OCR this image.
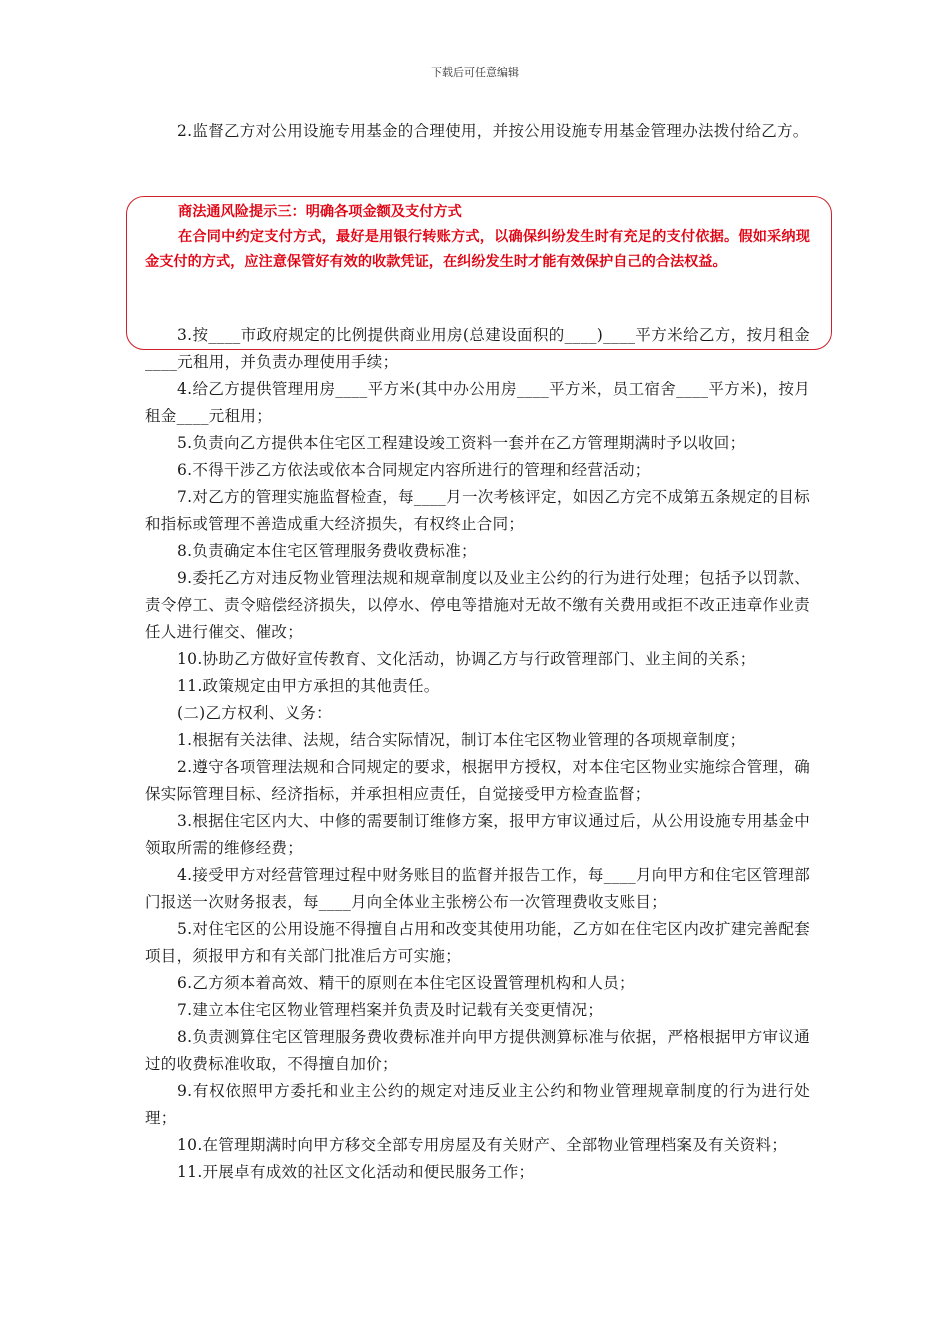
下载后可任意编辑

2.监督乙方对公用设施专用基金的合理使用，并按公用设施专用基金管理办法拨付给乙方。

商法通风险提示三：明确各项金额及支付方式

在合同中约定支付方式，最好是用银行转账方式，以确保纠纷发生时有充足的支付依据。假如采纳现金支付的方式，应注意保管好有效的收款凭证，在纠纷发生时才能有效保护自己的合法权益。

3.按____市政府规定的比例提供商业用房(总建设面积的____)____平方米给乙方，按月租金____元租用，并负责办理使用手续；

4.给乙方提供管理用房____平方米(其中办公用房____平方米，员工宿舍____平方米)，按月租金____元租用；

5.负责向乙方提供本住宅区工程建设竣工资料一套并在乙方管理期满时予以收回；

6.不得干涉乙方依法或依本合同规定内容所进行的管理和经营活动；

7.对乙方的管理实施监督检查，每____月一次考核评定，如因乙方完不成第五条规定的目标和指标或管理不善造成重大经济损失，有权终止合同；

8.负责确定本住宅区管理服务费收费标准；

9.委托乙方对违反物业管理法规和规章制度以及业主公约的行为进行处理；包括予以罚款、责令停工、责令赔偿经济损失，以停水、停电等措施对无故不缴有关费用或拒不改正违章作业责任人进行催交、催改；

10.协助乙方做好宣传教育、文化活动，协调乙方与行政管理部门、业主间的关系；

11.政策规定由甲方承担的其他责任。

(二)乙方权利、义务：

1.根据有关法律、法规，结合实际情况，制订本住宅区物业管理的各项规章制度；

2.遵守各项管理法规和合同规定的要求，根据甲方授权，对本住宅区物业实施综合管理，确保实际管理目标、经济指标，并承担相应责任，自觉接受甲方检查监督；

3.根据住宅区内大、中修的需要制订维修方案，报甲方审议通过后，从公用设施专用基金中领取所需的维修经费；

4.接受甲方对经营管理过程中财务账目的监督并报告工作，每____月向甲方和住宅区管理部门报送一次财务报表，每____月向全体业主张榜公布一次管理费收支账目；

5.对住宅区的公用设施不得擅自占用和改变其使用功能，乙方如在住宅区内改扩建完善配套项目，须报甲方和有关部门批准后方可实施；

6.乙方须本着高效、精干的原则在本住宅区设置管理机构和人员；

7.建立本住宅区物业管理档案并负责及时记载有关变更情况；

8.负责测算住宅区管理服务费收费标准并向甲方提供测算标准与依据，严格根据甲方审议通过的收费标准收取，不得擅自加价；

9.有权依照甲方委托和业主公约的规定对违反业主公约和物业管理规章制度的行为进行处理；

10.在管理期满时向甲方移交全部专用房屋及有关财产、全部物业管理档案及有关资料；

11.开展卓有成效的社区文化活动和便民服务工作；
